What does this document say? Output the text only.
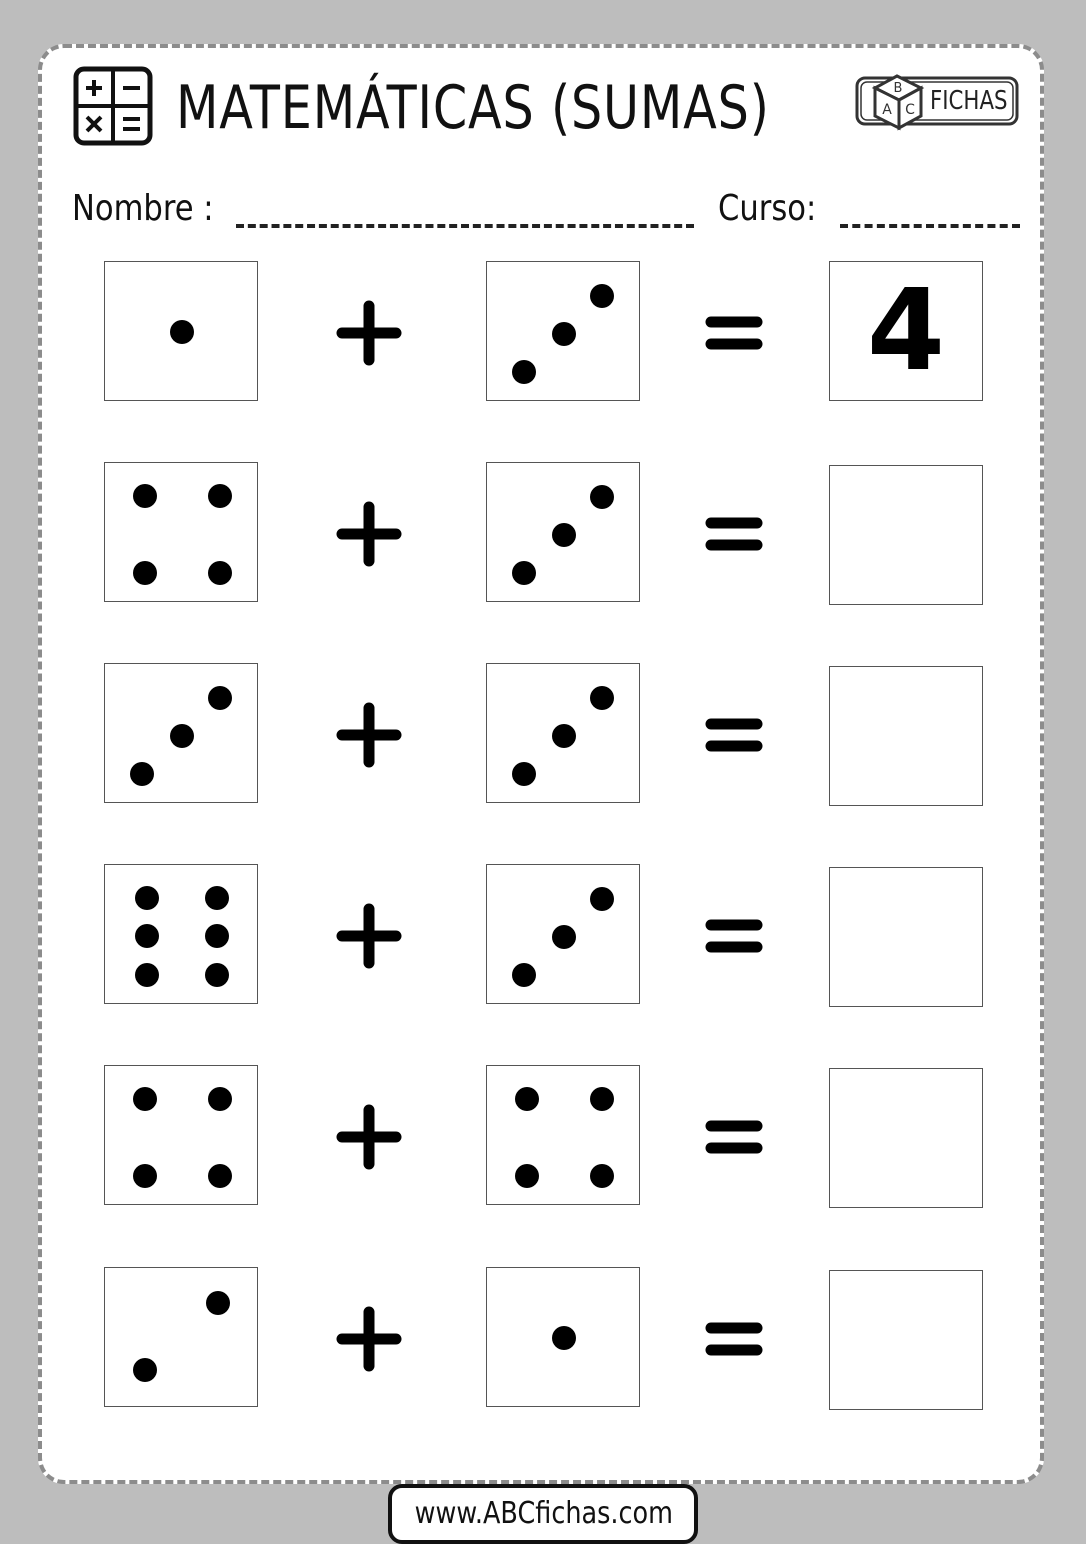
MATEMÁTICAS (SUMAS)	B
A C FICHAS
Nombre :	Curso:
4
www.ABCfichas.com
